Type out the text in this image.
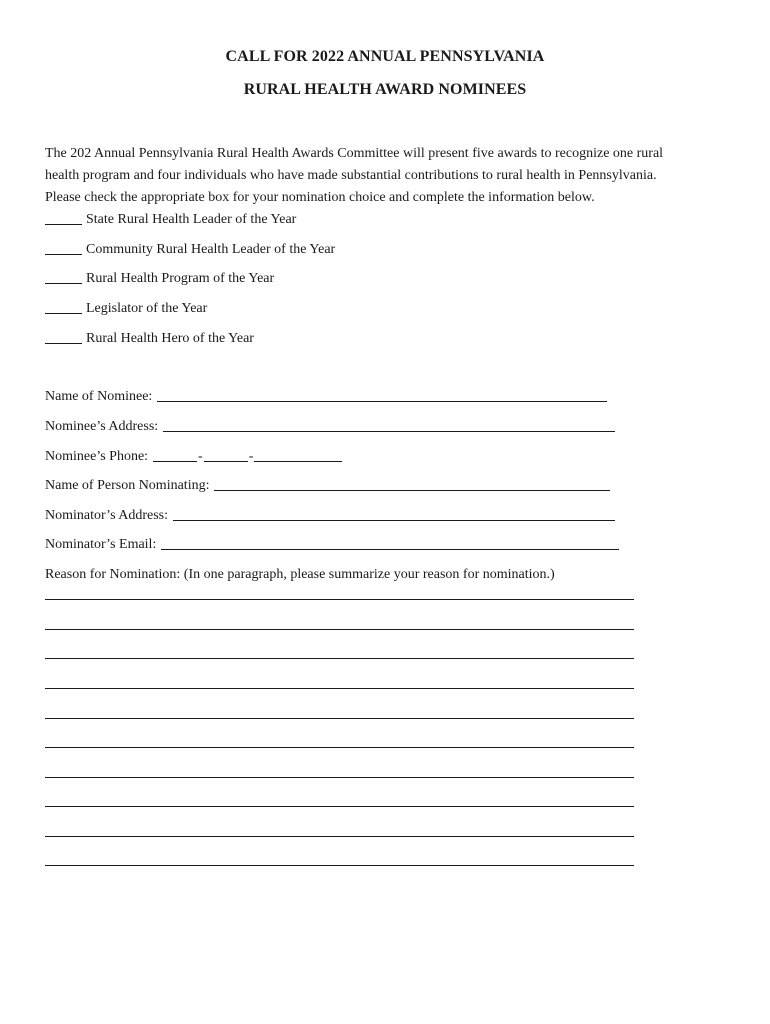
CALL FOR 2022 ANNUAL PENNSYLVANIA
RURAL HEALTH AWARD NOMINEES
The 202 Annual Pennsylvania Rural Health Awards Committee will present five awards to recognize one rural
health program and four individuals who have made substantial contributions to rural health in Pennsylvania.
Please check the appropriate box for your nomination choice and complete the information below.
State Rural Health Leader of the Year
Community Rural Health Leader of the Year
Rural Health Program of the Year
Legislator of the Year
Rural Health Hero of the Year
Name of Nominee:
Nominee’s Address:
Nominee’s Phone:	-	-
Name of Person Nominating:
Nominator’s Address:
Nominator’s Email:
Reason for Nomination: (In one paragraph, please summarize your reason for nomination.)
